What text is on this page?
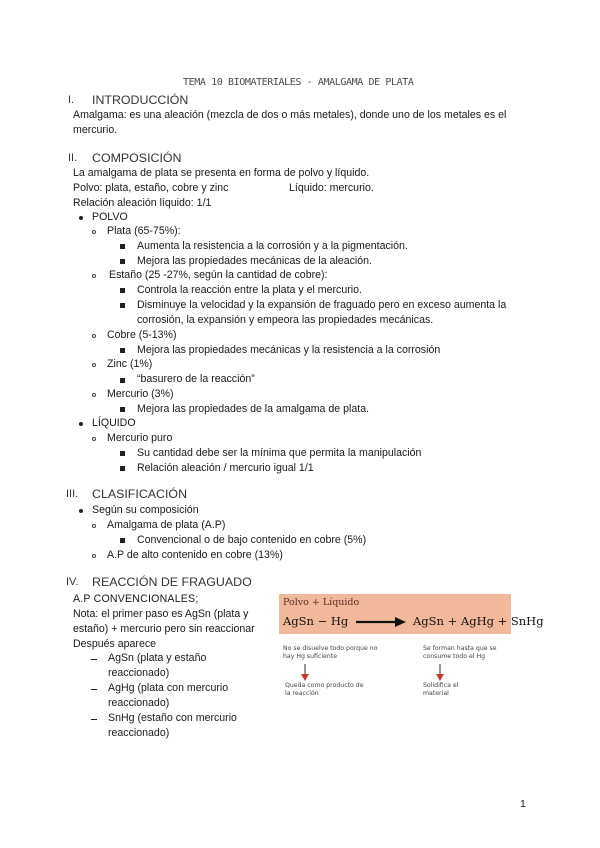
TEMA 10 BIOMATERIALES - AMALGAMA DE PLATA
I. INTRODUCCIÓN
Amalgama: es una aleación (mezcla de dos o más metales), donde uno de los metales es el
mercurio.
II. COMPOSICIÓN
La amalgama de plata se presenta en forma de polvo y líquido.
Polvo: plata, estaño, cobre y zinc	Líquido: mercurio.
Relación aleación líquido: 1/1
POLVO
Plata (65-75%):
Aumenta la resistencia a la corrosión y a la pigmentación.
Mejora las propiedades mecánicas de la aleación.
Estaño (25 -27%, según la cantidad de cobre):
Controla la reacción entre la plata y el mercurio.
Disminuye la velocidad y la expansión de fraguado pero en exceso aumenta la
corrosión, la expansión y empeora las propiedades mecánicas.
Cobre (5-13%)
Mejora las propiedades mecánicas y la resistencia a la corrosión
Zinc (1%)
“basurero de la reacción”
Mercurio (3%)
Mejora las propiedades de la amalgama de plata.
LÍQUIDO
Mercurio puro
Su cantidad debe ser la mínima que permita la manipulación
Relación aleación / mercurio igual 1/1
III. CLASIFICACIÓN
Según su composición
Amalgama de plata (A.P)
Convencional o de bajo contenido en cobre (5%)
A.P de alto contenido en cobre (13%)
IV. REACCIÓN DE FRAGUADO
A.P CONVENCIONALES;
Nota: el primer paso es AgSn (plata y
estaño) + mercurio pero sin reaccionar
Después aparece
AgSn (plata y estaño
reaccionado)
AgHg (plata con mercurio
reaccionado)
SnHg (estaño con mercurio
reaccionado)
Polvo + Líquido
AgSn − Hg	AgSn + AgHg + SnHg
No se disuelve todo porque no
hay Hg suficiente
Queda como producto de
la reacción
Se forman hasta que se
consume todo el Hg
Solidifica el
material
1
